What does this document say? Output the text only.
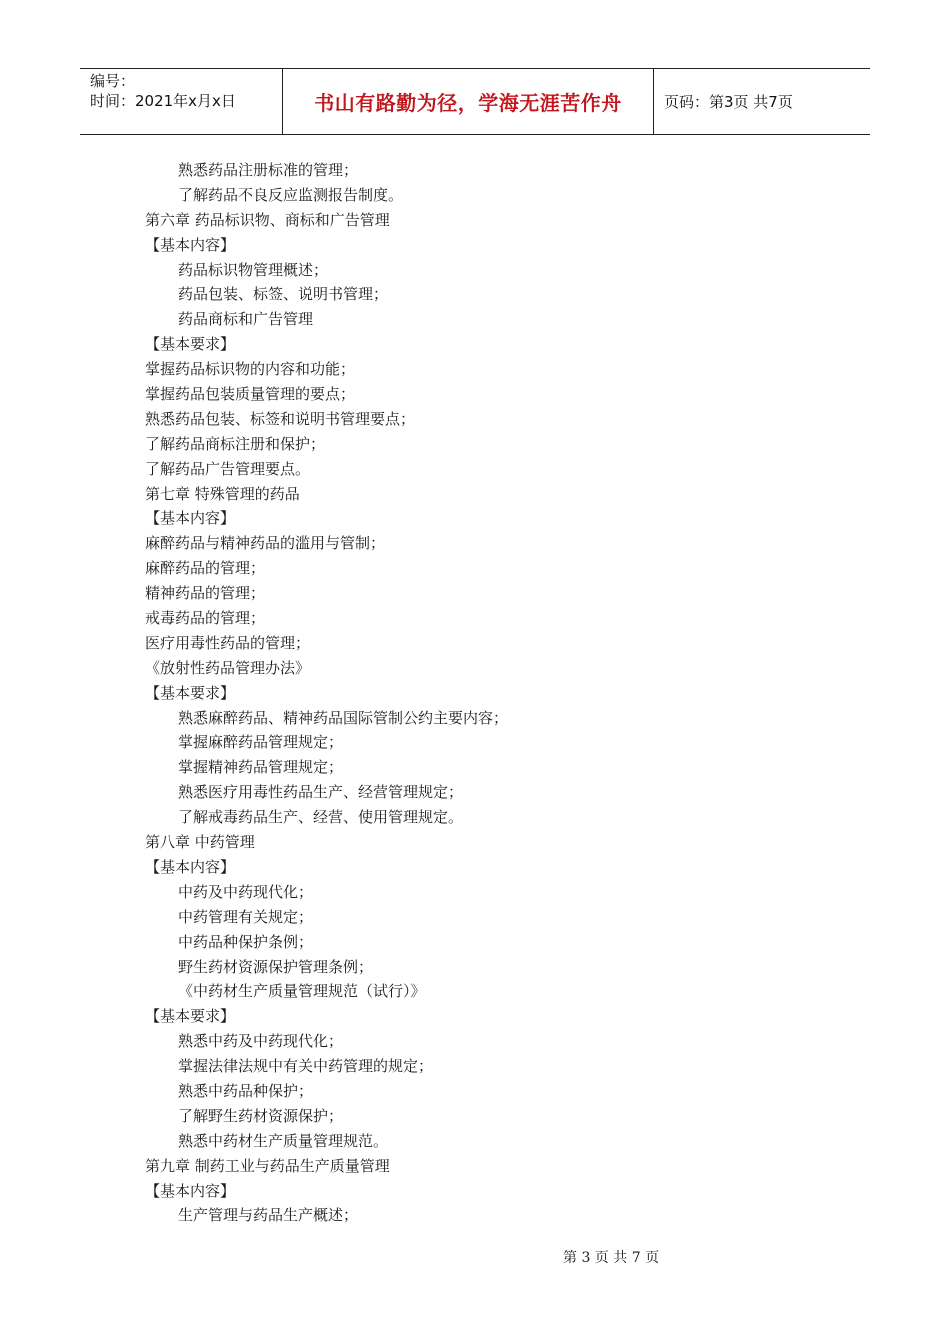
编号：
时间：2021年x月x日	书山有路勤为径，学海无涯苦作舟	页码：第3页 共7页
熟悉药品注册标准的管理；
了解药品不良反应监测报告制度。
第六章 药品标识物、商标和广告管理
【基本内容】
药品标识物管理概述；
药品包装、标签、说明书管理；
药品商标和广告管理
【基本要求】
掌握药品标识物的内容和功能；
掌握药品包装质量管理的要点；
熟悉药品包装、标签和说明书管理要点；
了解药品商标注册和保护；
了解药品广告管理要点。
第七章 特殊管理的药品
【基本内容】
麻醉药品与精神药品的滥用与管制；
麻醉药品的管理；
精神药品的管理；
戒毒药品的管理；
医疗用毒性药品的管理；
《放射性药品管理办法》
【基本要求】
熟悉麻醉药品、精神药品国际管制公约主要内容；
掌握麻醉药品管理规定；
掌握精神药品管理规定；
熟悉医疗用毒性药品生产、经营管理规定；
了解戒毒药品生产、经营、使用管理规定。
第八章 中药管理
【基本内容】
中药及中药现代化；
中药管理有关规定；
中药品种保护条例；
野生药材资源保护管理条例；
《中药材生产质量管理规范（试行）》
【基本要求】
熟悉中药及中药现代化；
掌握法律法规中有关中药管理的规定；
熟悉中药品种保护；
了解野生药材资源保护；
熟悉中药材生产质量管理规范。
第九章 制药工业与药品生产质量管理
【基本内容】
生产管理与药品生产概述；
第 3 页 共 7 页
